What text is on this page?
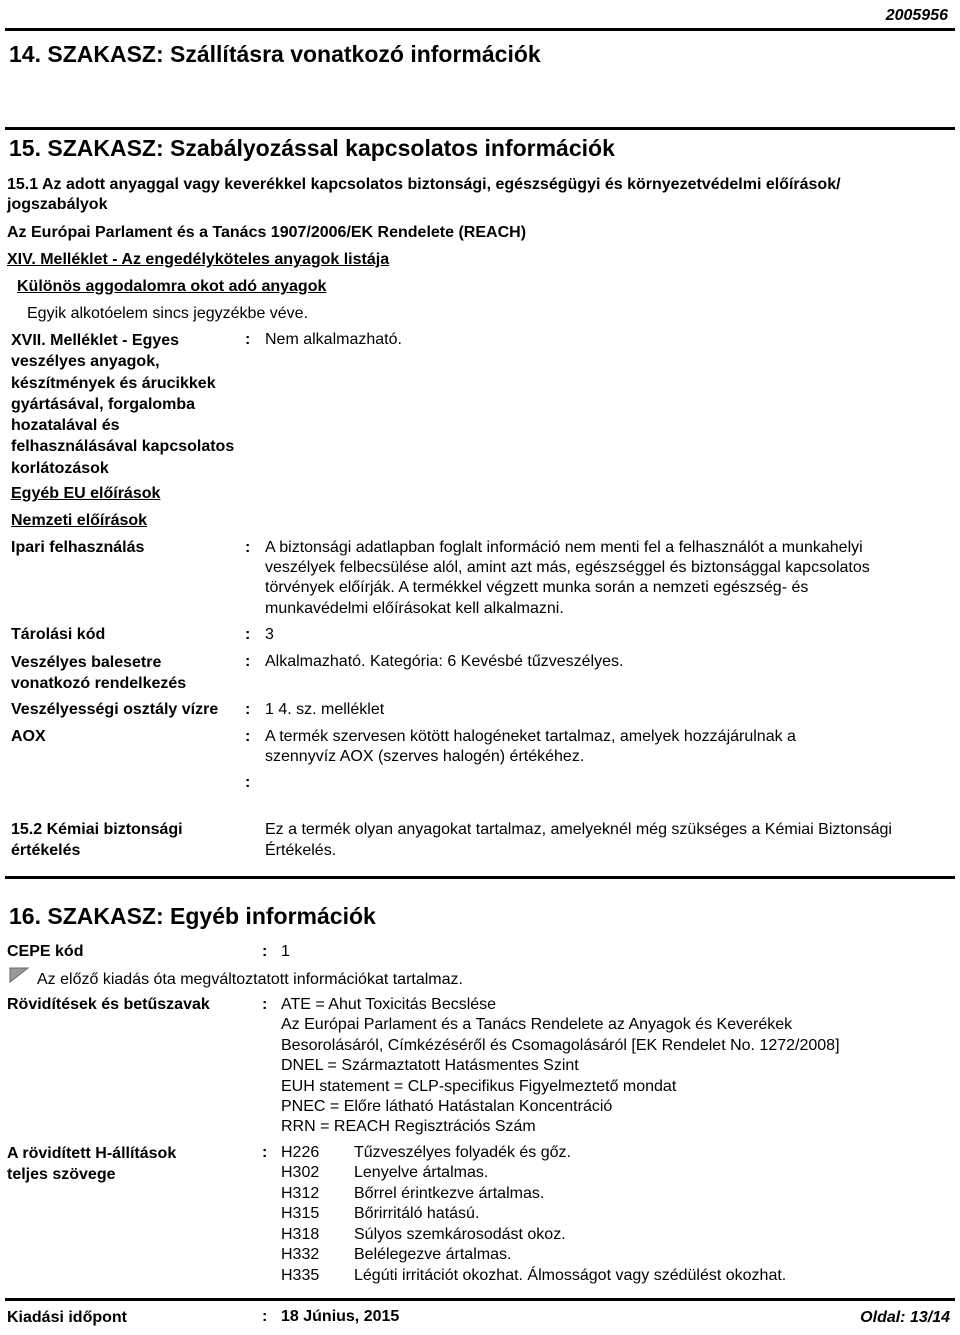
2005956
14. SZAKASZ: Szállításra vonatkozó információk
15. SZAKASZ: Szabályozással kapcsolatos információk
15.1 Az adott anyaggal vagy keverékkel kapcsolatos biztonsági, egészségügyi és környezetvédelmi előírások/
jogszabályok
Az Európai Parlament és a Tanács 1907/2006/EK Rendelete (REACH)
XIV. Melléklet - Az engedélyköteles anyagok listája
Különös aggodalomra okot adó anyagok
Egyik alkotóelem sincs jegyzékbe véve.
XVII. Melléklet - Egyes veszélyes anyagok, készítmények és árucikkek gyártásával, forgalomba hozatalával és felhasználásával kapcsolatos korlátozások
: Nem alkalmazható.
Egyéb EU előírások
Nemzeti előírások
Ipari felhasználás	: A biztonsági adatlapban foglalt információ nem menti fel a felhasználót a munkahelyi veszélyek felbecsülése alól, amint azt más, egészséggel és biztonsággal kapcsolatos törvények előírják. A termékkel végzett munka során a nemzeti egészség- és munkavédelmi előírásokat kell alkalmazni.
Tárolási kód	: 3
Veszélyes balesetre vonatkozó rendelkezés
: Alkalmazható. Kategória: 6 Kevésbé tűzveszélyes.
Veszélyességi osztály vízre : 1 4. sz. melléklet
AOX	: A termék szervesen kötött halogéneket tartalmaz, amelyek hozzájárulnak a szennyvíz AOX (szerves halogén) értékéhez.
:
15.2 Kémiai biztonsági értékelés
Ez a termék olyan anyagokat tartalmaz, amelyeknél még szükséges a Kémiai Biztonsági Értékelés.
16. SZAKASZ: Egyéb információk
CEPE kód	: 1
Az előző kiadás óta megváltoztatott információkat tartalmaz.
Rövidítések és betűszavak	: ATE = Ahut Toxicitás Becslése
Az Európai Parlament és a Tanács Rendelete az Anyagok és Keverékek
Besorolásáról, Címkézéséről és Csomagolásáról [EK Rendelet No. 1272/2008]
DNEL = Származtatott Hatásmentes Szint
EUH statement = CLP-specifikus Figyelmeztető mondat
PNEC = Előre látható Hatástalan Koncentráció
RRN = REACH Regisztrációs Szám
A rövidített H-állítások teljes szövege
: H226	Tűzveszélyes folyadék és gőz.
H302	Lenyelve ártalmas.
H312	Bőrrel érintkezve ártalmas.
H315	Bőrirritáló hatású.
H318	Súlyos szemkárosodást okoz.
H332	Belélegezve ártalmas.
H335	Légúti irritációt okozhat. Álmosságot vagy szédülést okozhat.
Kiadási időpont	: 18 Június, 2015	Oldal: 13/14
